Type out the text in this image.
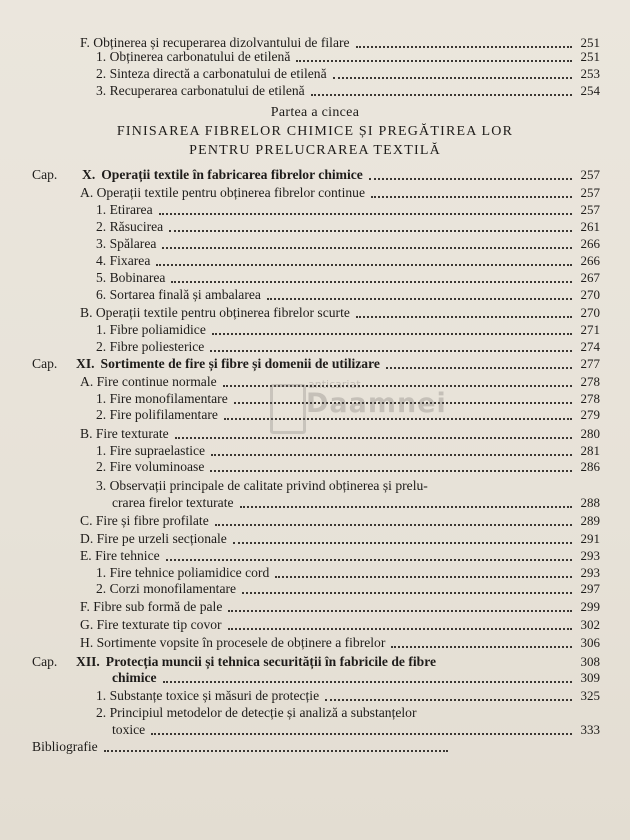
F. Obținerea și recuperarea dizolvantului de filare	251
1. Obținerea carbonatului de etilenă	251
2. Sinteza directă a carbonatului de etilenă	253
3. Recuperarea carbonatului de etilenă	254
Partea a cincea
FINISAREA FIBRELOR CHIMICE ȘI PREGĂTIREA LOR
PENTRU PRELUCRAREA TEXTILĂ
Cap. X. Operații textile în fabricarea fibrelor chimice	257
A. Operații textile pentru obținerea fibrelor continue	257
1. Etirarea	257
2. Răsucirea	261
3. Spălarea	266
4. Fixarea	266
5. Bobinarea	267
6. Sortarea finală și ambalarea	270
B. Operații textile pentru obținerea fibrelor scurte	270
1. Fibre poliamidice	271
2. Fibre poliesterice	274
Cap. XI. Sortimente de fire și fibre și domenii de utilizare	277
A. Fire continue normale	278
1. Fire monofilamentare	278
2. Fire polifilamentare	279
B. Fire texturate	280
1. Fire supraelastice	281
2. Fire voluminoase	286
3. Observații principale de calitate privind obținerea și prelu-
crarea firelor texturate	288
C. Fire și fibre profilate	289
D. Fire pe urzeli secționale	291
E. Fire tehnice	293
1. Fire tehnice poliamidice cord	293
2. Corzi monofilamentare	297
F. Fibre sub formă de pale	299
G. Fire texturate tip covor	302
H. Sortimente vopsite în procesele de obținere a fibrelor	306
Cap. XII. Protecția muncii și tehnica securității în fabricile de fibre	308
chimice	309
1. Substanțe toxice și măsuri de protecție	325
2. Principiul metodelor de detecție și analiză a substanțelor
toxice	333
Bibliografie
anticariat
Daamnei
